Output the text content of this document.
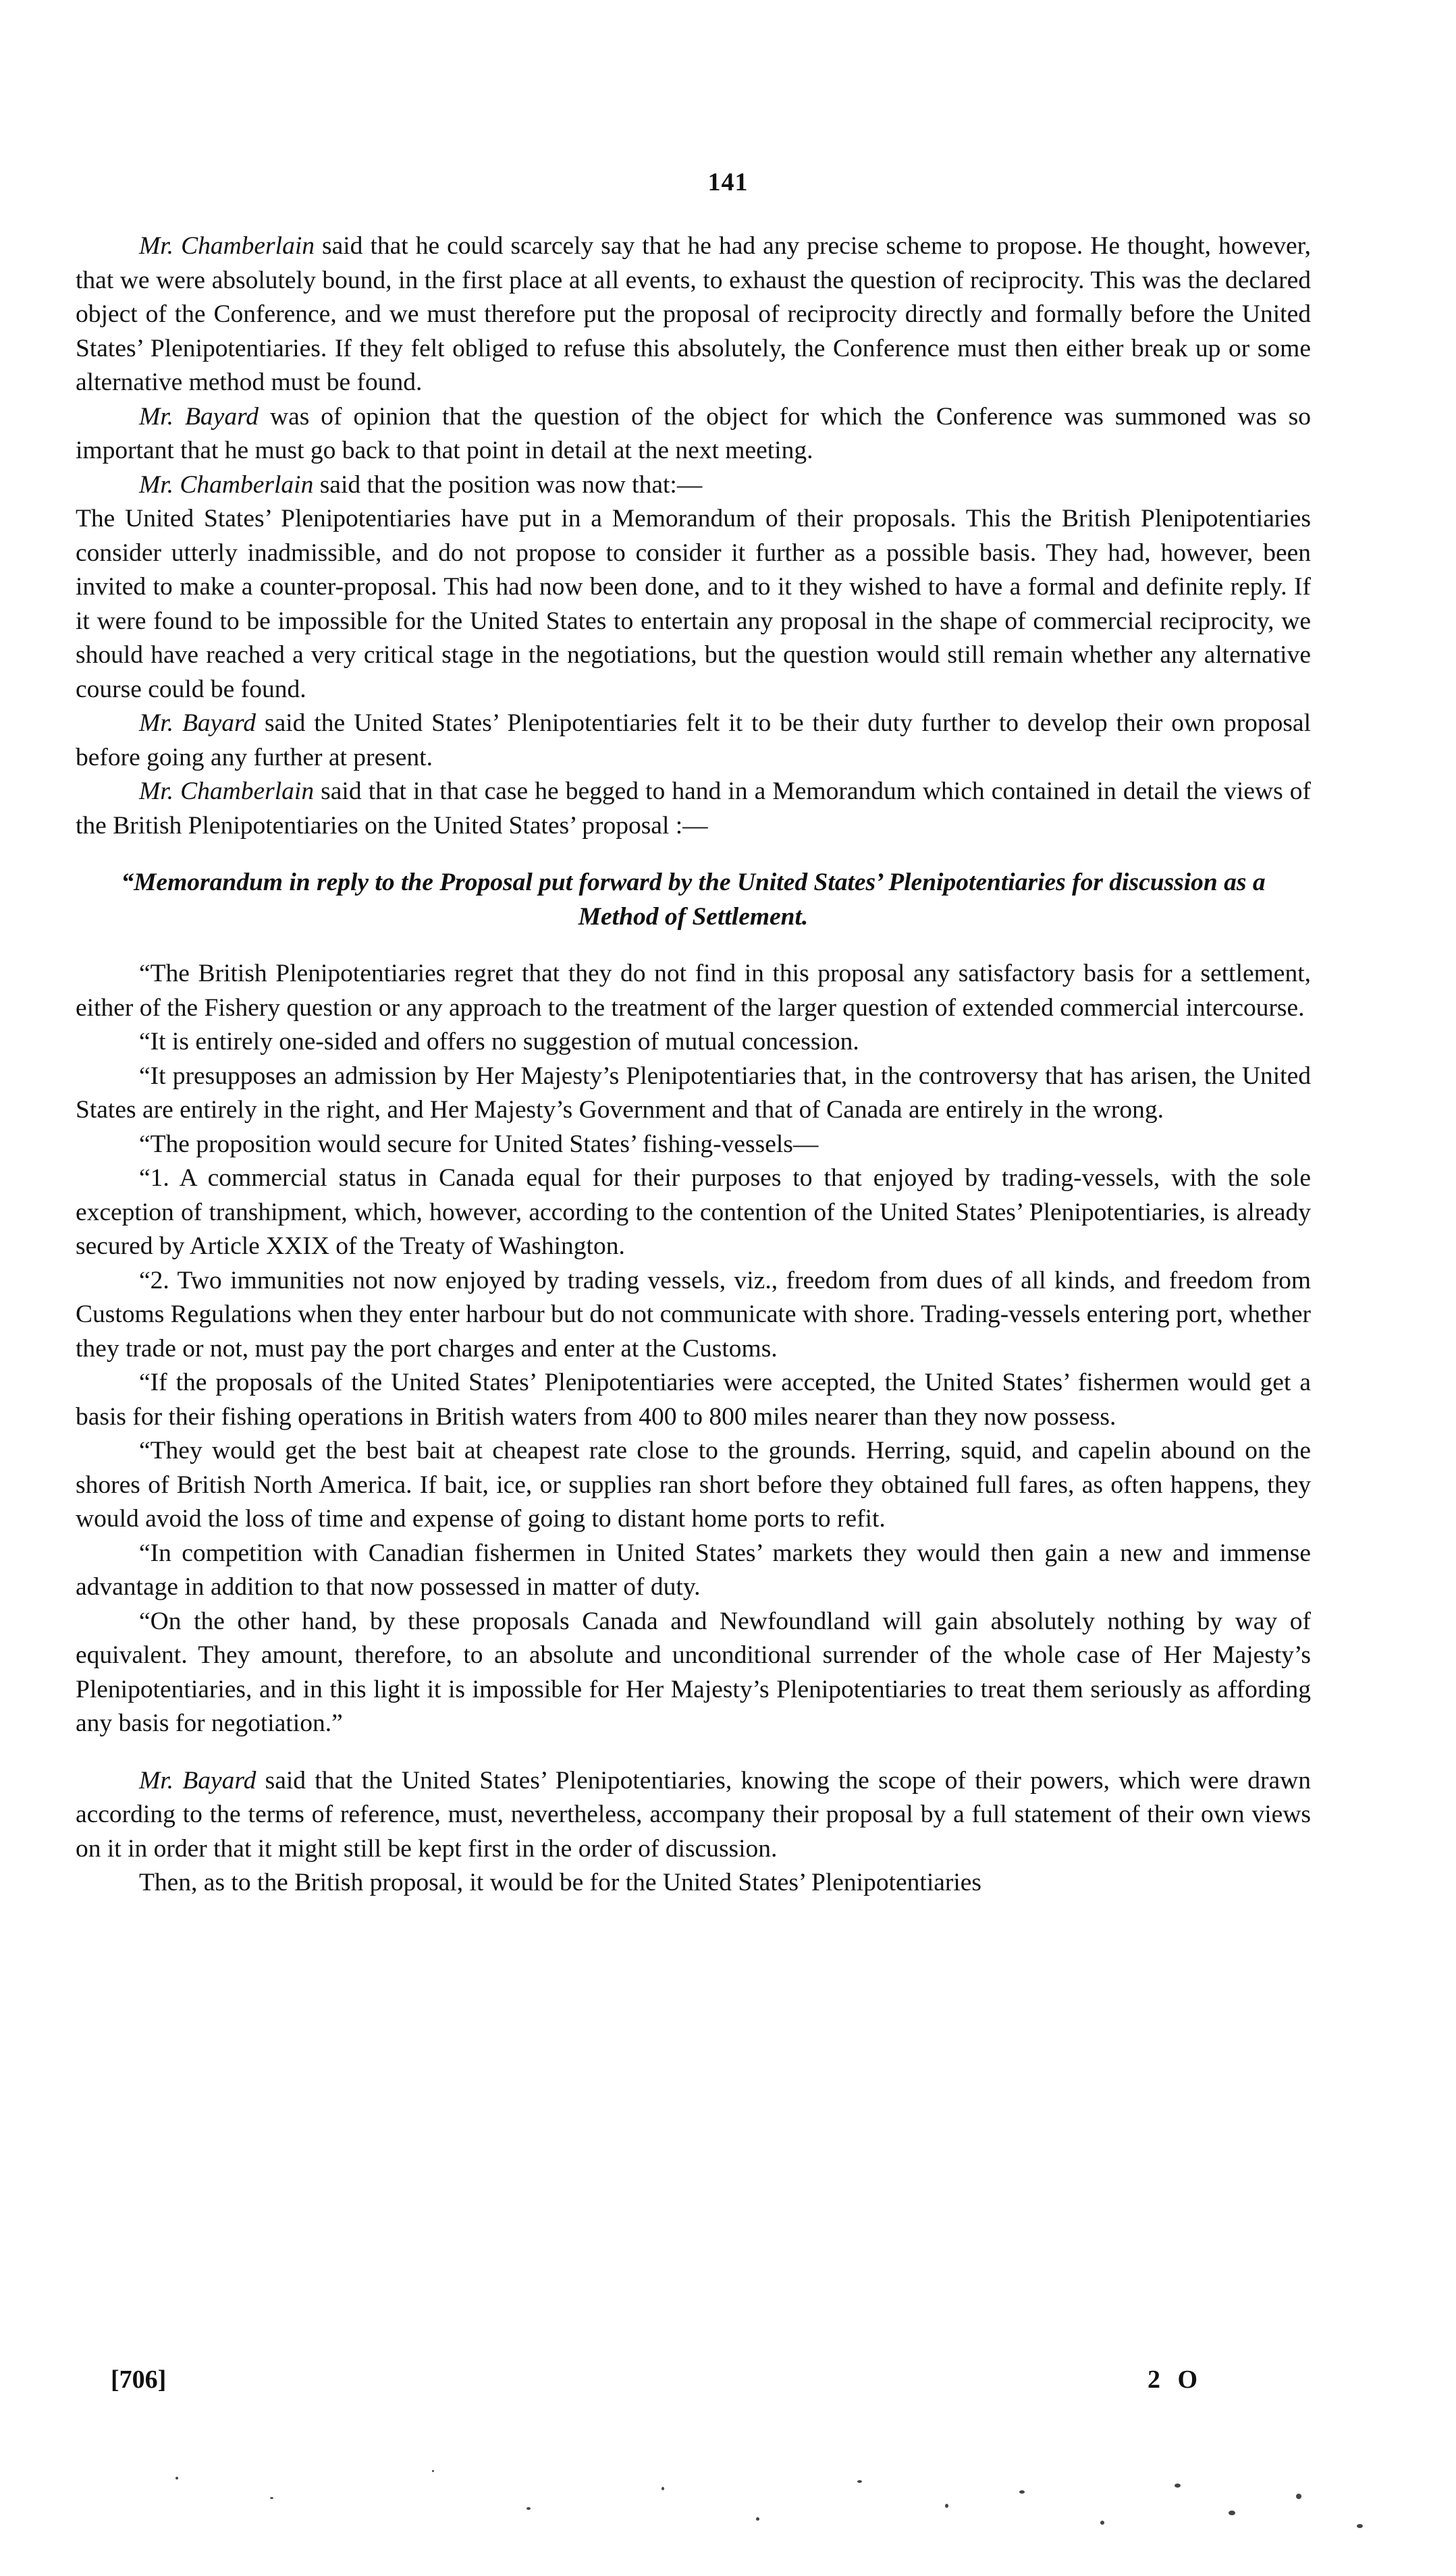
141

Mr. Chamberlain said that he could scarcely say that he had any precise scheme to propose. He thought, however, that we were absolutely bound, in the first place at all events, to exhaust the question of reciprocity. This was the declared object of the Conference, and we must therefore put the proposal of reciprocity directly and formally before the United States’ Plenipotentiaries. If they felt obliged to refuse this absolutely, the Conference must then either break up or some alternative method must be found.

Mr. Bayard was of opinion that the question of the object for which the Conference was summoned was so important that he must go back to that point in detail at the next meeting.

Mr. Chamberlain said that the position was now that:—

The United States’ Plenipotentiaries have put in a Memorandum of their proposals. This the British Plenipotentiaries consider utterly inadmissible, and do not propose to consider it further as a possible basis. They had, however, been invited to make a counter-proposal. This had now been done, and to it they wished to have a formal and definite reply. If it were found to be impossible for the United States to entertain any proposal in the shape of commercial reciprocity, we should have reached a very critical stage in the negotiations, but the question would still remain whether any alternative course could be found.

Mr. Bayard said the United States’ Plenipotentiaries felt it to be their duty further to develop their own proposal before going any further at present.

Mr. Chamberlain said that in that case he begged to hand in a Memorandum which contained in detail the views of the British Plenipotentiaries on the United States’ proposal :—

“Memorandum in reply to the Proposal put forward by the United States’ Plenipotentiaries for discussion as a Method of Settlement.

“The British Plenipotentiaries regret that they do not find in this proposal any satisfactory basis for a settlement, either of the Fishery question or any approach to the treatment of the larger question of extended commercial intercourse.

“It is entirely one-sided and offers no suggestion of mutual concession.

“It presupposes an admission by Her Majesty’s Plenipotentiaries that, in the controversy that has arisen, the United States are entirely in the right, and Her Majesty’s Government and that of Canada are entirely in the wrong.

“The proposition would secure for United States’ fishing-vessels—

“1. A commercial status in Canada equal for their purposes to that enjoyed by trading-vessels, with the sole exception of transhipment, which, however, according to the contention of the United States’ Plenipotentiaries, is already secured by Article XXIX of the Treaty of Washington.

“2. Two immunities not now enjoyed by trading vessels, viz., freedom from dues of all kinds, and freedom from Customs Regulations when they enter harbour but do not communicate with shore. Trading-vessels entering port, whether they trade or not, must pay the port charges and enter at the Customs.

“If the proposals of the United States’ Plenipotentiaries were accepted, the United States’ fishermen would get a basis for their fishing operations in British waters from 400 to 800 miles nearer than they now possess.

“They would get the best bait at cheapest rate close to the grounds. Herring, squid, and capelin abound on the shores of British North America. If bait, ice, or supplies ran short before they obtained full fares, as often happens, they would avoid the loss of time and expense of going to distant home ports to refit.

“In competition with Canadian fishermen in United States’ markets they would then gain a new and immense advantage in addition to that now possessed in matter of duty.

“On the other hand, by these proposals Canada and Newfoundland will gain absolutely nothing by way of equivalent. They amount, therefore, to an absolute and unconditional surrender of the whole case of Her Majesty’s Plenipotentiaries, and in this light it is impossible for Her Majesty’s Plenipotentiaries to treat them seriously as affording any basis for negotiation.”

Mr. Bayard said that the United States’ Plenipotentiaries, knowing the scope of their powers, which were drawn according to the terms of reference, must, nevertheless, accompany their proposal by a full statement of their own views on it in order that it might still be kept first in the order of discussion.

Then, as to the British proposal, it would be for the United States’ Plenipotentiaries

[706]	2 O
